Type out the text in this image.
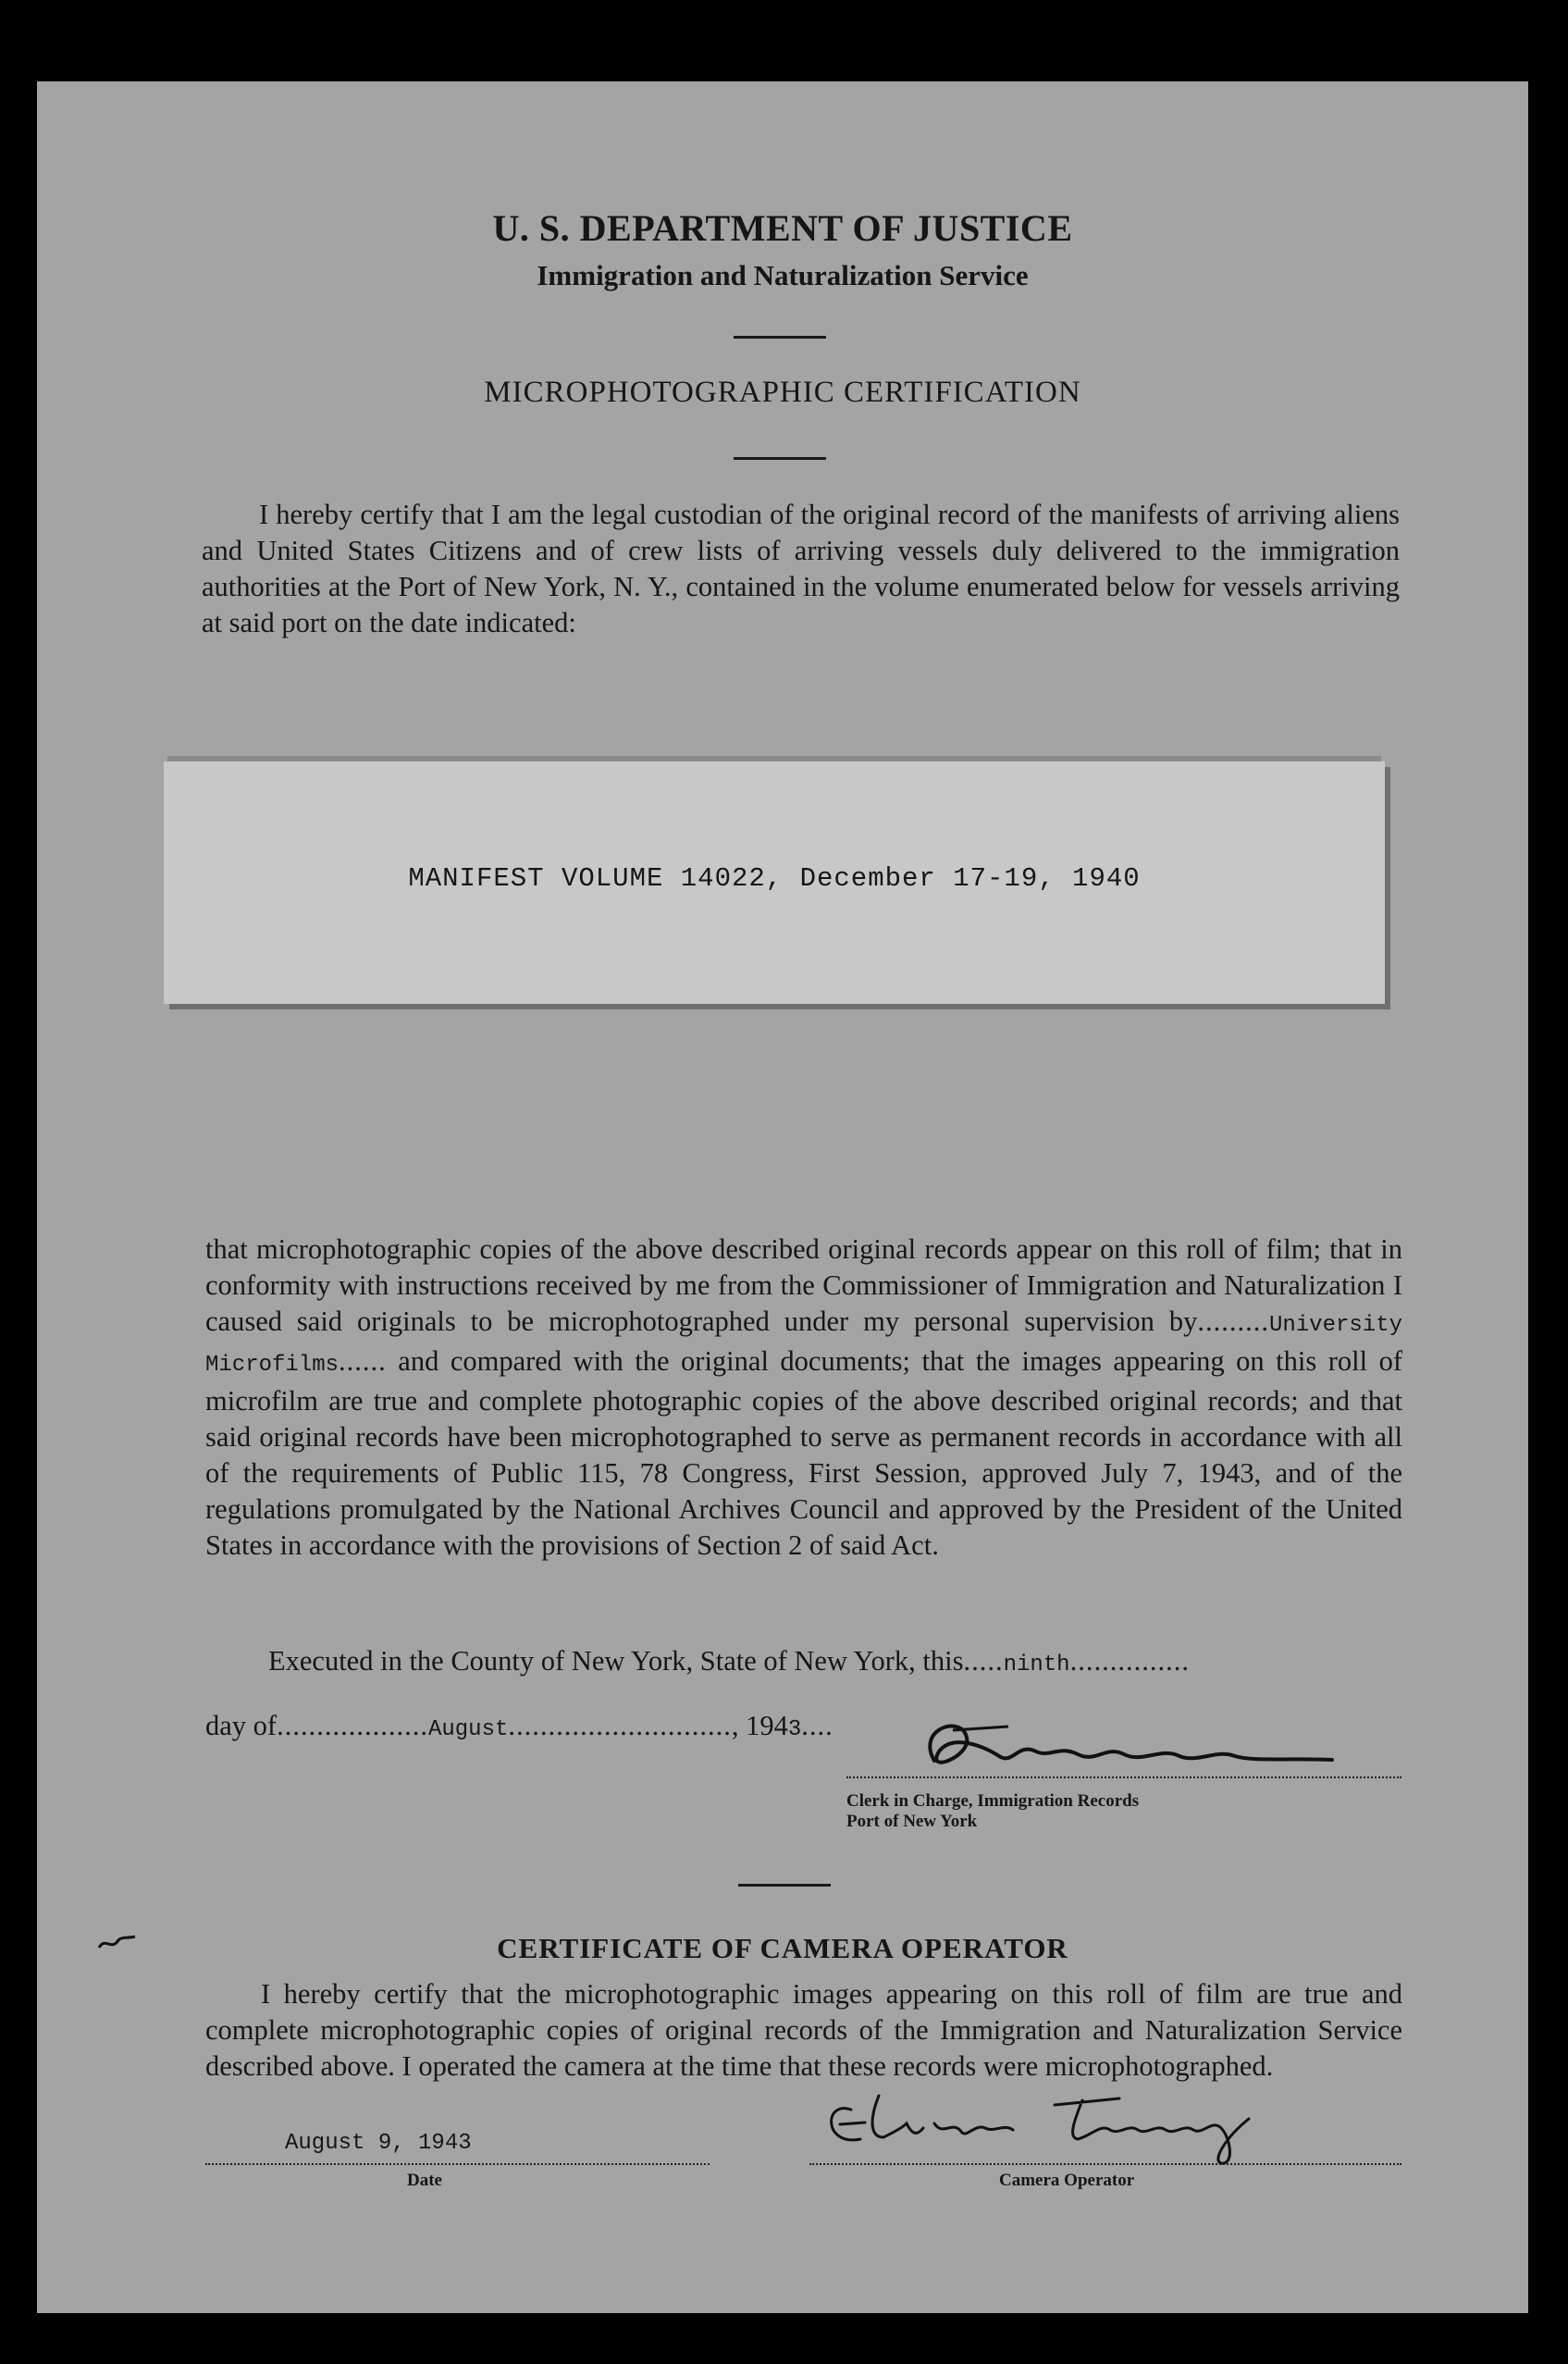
U. S. DEPARTMENT OF JUSTICE
Immigration and Naturalization Service
MICROPHOTOGRAPHIC CERTIFICATION
I hereby certify that I am the legal custodian of the original record of the manifests of arriving aliens and United States Citizens and of crew lists of arriving vessels duly delivered to the immigration authorities at the Port of New York, N. Y., contained in the volume enumerated below for vessels arriving at said port on the date indicated:
MANIFEST VOLUME 14022, December 17-19, 1940
that microphotographic copies of the above described original records appear on this roll of film; that in conformity with instructions received by me from the Commissioner of Immigration and Naturalization I caused said originals to be microphotographed under my personal supervision by.........University Microfilms...... and compared with the original documents; that the images appearing on this roll of microfilm are true and complete photographic copies of the above described original records; and that said original records have been microphotographed to serve as permanent records in accordance with all of the requirements of Public 115, 78 Congress, First Session, approved July 7, 1943, and of the regulations promulgated by the National Archives Council and approved by the President of the United States in accordance with the provisions of Section 2 of said Act.
Executed in the County of New York, State of New York, this.....ninth...............
day of...................August............................, 1943....
Clerk in Charge, Immigration Records
Port of New York
CERTIFICATE OF CAMERA OPERATOR
I hereby certify that the microphotographic images appearing on this roll of film are true and complete microphotographic copies of original records of the Immigration and Naturalization Service described above. I operated the camera at the time that these records were microphotographed.
August 9, 1943
Date	Camera Operator
